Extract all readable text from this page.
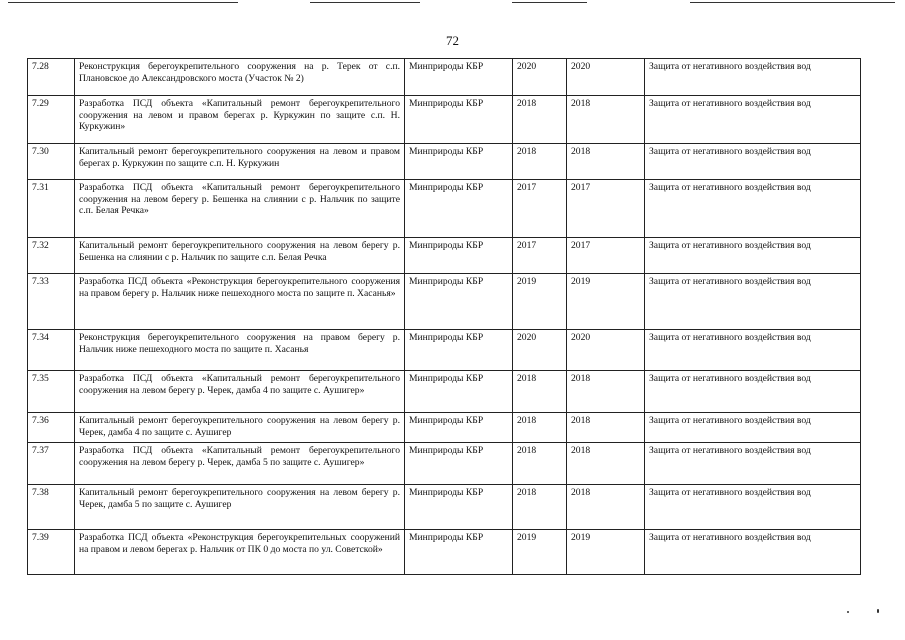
72
7.28	Реконструкция берегоукрепительного сооружения на р. Терек от с.п. Плановское до Александровского моста (Участок № 2)	Минприроды КБР	2020	2020	Защита от негативного воздействия вод
7.29	Разработка ПСД объекта «Капитальный ремонт берегоукрепительного сооружения на левом и правом берегах р. Куркужин по защите с.п. Н. Куркужин»	Минприроды КБР	2018	2018	Защита от негативного воздействия вод
7.30	Капитальный ремонт берегоукрепительного сооружения на левом и правом берегах р. Куркужин по защите с.п. Н. Куркужин	Минприроды КБР	2018	2018	Защита от негативного воздействия вод
7.31	Разработка ПСД объекта «Капитальный ремонт берегоукрепительного сооружения на левом берегу р. Бешенка на слиянии с р. Нальчик по защите с.п. Белая Речка»	Минприроды КБР	2017	2017	Защита от негативного воздействия вод
7.32	Капитальный ремонт берегоукрепительного сооружения на левом берегу р. Бешенка на слиянии с р. Нальчик по защите с.п. Белая Речка	Минприроды КБР	2017	2017	Защита от негативного воздействия вод
7.33	Разработка ПСД объекта «Реконструкция берегоукрепительного сооружения на правом берегу р. Нальчик ниже пешеходного моста по защите п. Хасанья»	Минприроды КБР	2019	2019	Защита от негативного воздействия вод
7.34	Реконструкция берегоукрепительного сооружения на правом берегу р. Нальчик ниже пешеходного моста по защите п. Хасанья	Минприроды КБР	2020	2020	Защита от негативного воздействия вод
7.35	Разработка ПСД объекта «Капитальный ремонт берегоукрепительного сооружения на левом берегу р. Черек, дамба 4 по защите с. Аушигер»	Минприроды КБР	2018	2018	Защита от негативного воздействия вод
7.36	Капитальный ремонт берегоукрепительного сооружения на левом берегу р. Черек, дамба 4 по защите с. Аушигер	Минприроды КБР	2018	2018	Защита от негативного воздействия вод
7.37	Разработка ПСД объекта «Капитальный ремонт берегоукрепительного сооружения на левом берегу р. Черек, дамба 5 по защите с. Аушигер»	Минприроды КБР	2018	2018	Защита от негативного воздействия вод
7.38	Капитальный ремонт берегоукрепительного сооружения на левом берегу р. Черек, дамба 5 по защите с. Аушигер	Минприроды КБР	2018	2018	Защита от негативного воздействия вод
7.39	Разработка ПСД объекта «Реконструкция берегоукрепительных сооружений на правом и левом берегах р. Нальчик от ПК 0 до моста по ул. Советской»	Минприроды КБР	2019	2019	Защита от негативного воздействия вод
